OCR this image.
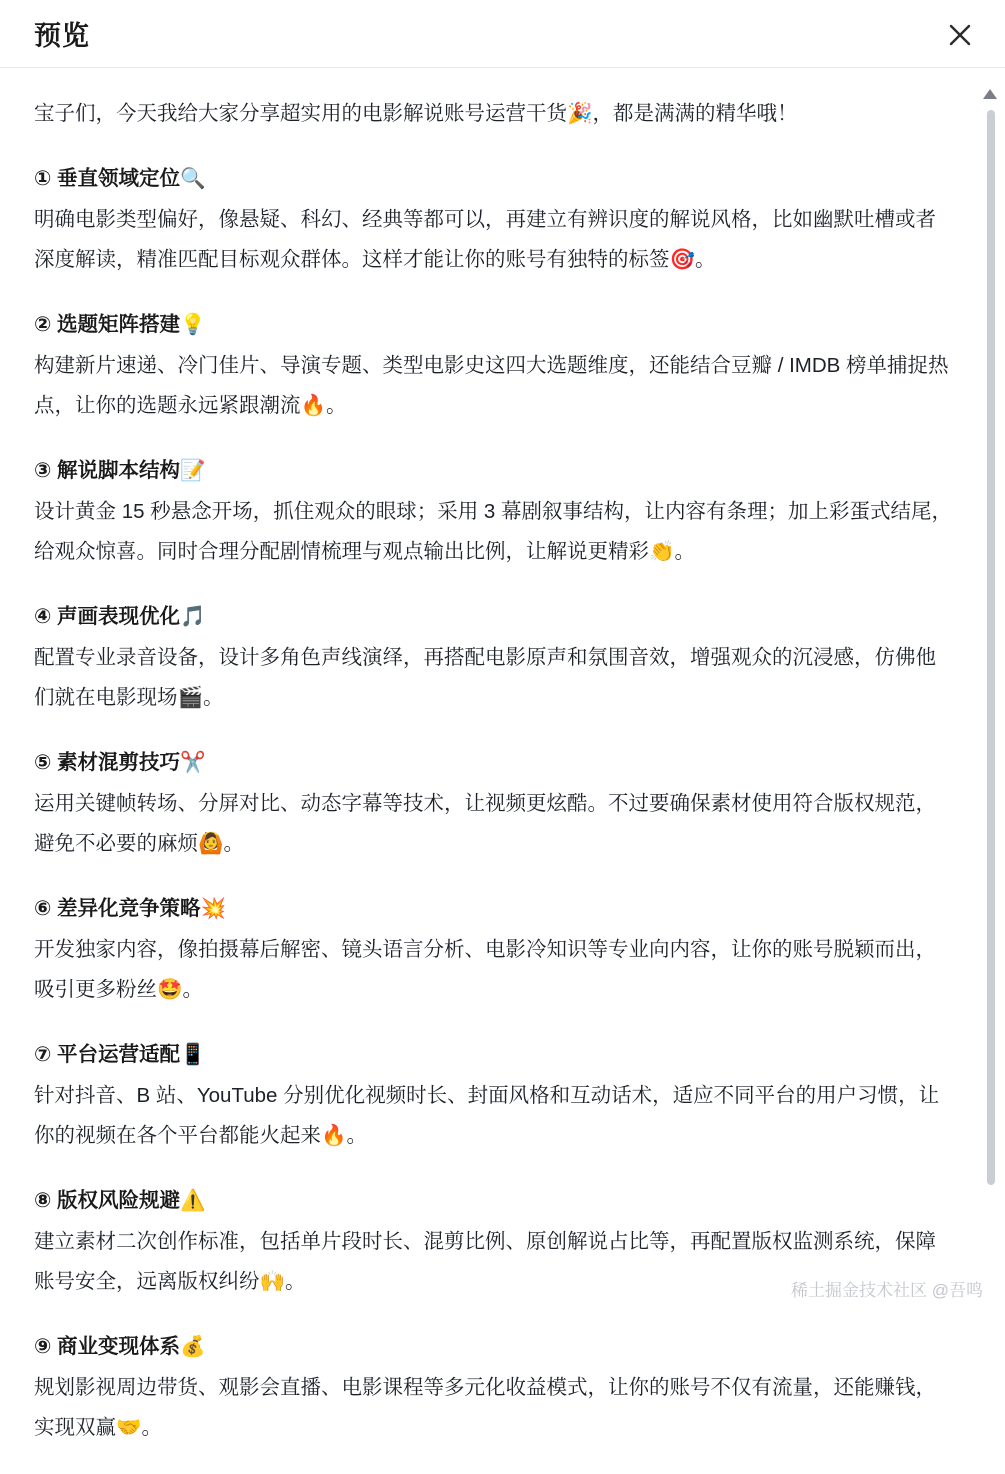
预览

宝子们，今天我给大家分享超实用的电影解说账号运营干货🎉，都是满满的精华哦！

① 垂直领域定位🔍

明确电影类型偏好，像悬疑、科幻、经典等都可以，再建立有辨识度的解说风格，比如幽默吐槽或者深度解读，精准匹配目标观众群体。这样才能让你的账号有独特的标签🎯。

② 选题矩阵搭建💡

构建新片速递、冷门佳片、导演专题、类型电影史这四大选题维度，还能结合豆瓣 / IMDB 榜单捕捉热点，让你的选题永远紧跟潮流🔥。

③ 解说脚本结构📝

设计黄金 15 秒悬念开场，抓住观众的眼球；采用 3 幕剧叙事结构，让内容有条理；加上彩蛋式结尾，给观众惊喜。同时合理分配剧情梳理与观点输出比例，让解说更精彩👏。

④ 声画表现优化🎵

配置专业录音设备，设计多角色声线演绎，再搭配电影原声和氛围音效，增强观众的沉浸感，仿佛他们就在电影现场🎬。

⑤ 素材混剪技巧✂️

运用关键帧转场、分屏对比、动态字幕等技术，让视频更炫酷。不过要确保素材使用符合版权规范，避免不必要的麻烦🙆。

⑥ 差异化竞争策略💥

开发独家内容，像拍摄幕后解密、镜头语言分析、电影冷知识等专业向内容，让你的账号脱颖而出，吸引更多粉丝🤩。

⑦ 平台运营适配📱

针对抖音、B 站、YouTube 分别优化视频时长、封面风格和互动话术，适应不同平台的用户习惯，让你的视频在各个平台都能火起来🔥。

⑧ 版权风险规避⚠️

建立素材二次创作标准，包括单片段时长、混剪比例、原创解说占比等，再配置版权监测系统，保障账号安全，远离版权纠纷🙌。

⑨ 商业变现体系💰

规划影视周边带货、观影会直播、电影课程等多元化收益模式，让你的账号不仅有流量，还能赚钱，实现双赢🤝。

稀土掘金技术社区 @吾鸣
